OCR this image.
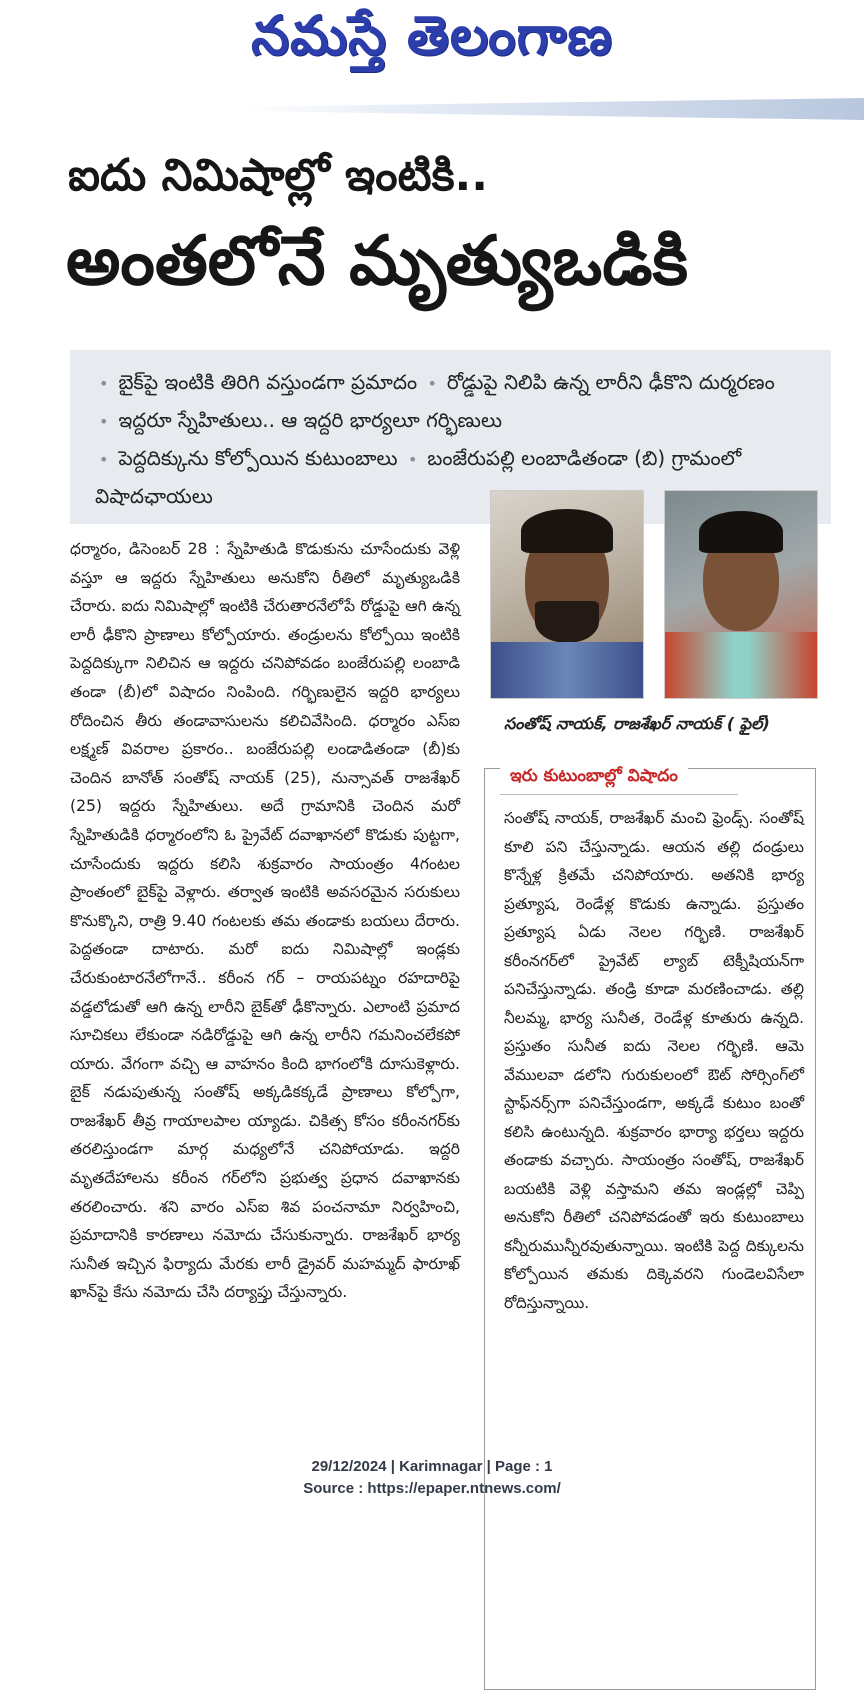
నమస్తే తెలంగాణ
ఐదు నిమిషాల్లో ఇంటికి..
అంతలోనే మృత్యుఒడికి
• బైక్‌పై ఇంటికి తిరిగి వస్తుండగా ప్రమాదం • రోడ్డుపై నిలిపి ఉన్న లారీని ఢీకొని దుర్మరణం • ఇద్దరూ స్నేహితులు.. ఆ ఇద్దరి భార్యలూ గర్భిణులు
• పెద్దదిక్కును కోల్పోయిన కుటుంబాలు • బంజేరుపల్లి లంబాడితండా (బి) గ్రామంలో విషాదఛాయలు
సంతోష్ నాయక్, రాజశేఖర్ నాయక్ ( ఫైల్)

ధర్మారం, డిసెంబర్ 28 : స్నేహితుడి కొడుకును చూసేందుకు వెళ్లి వస్తూ ఆ ఇద్దరు స్నేహితులు అనుకోని రీతిలో మృత్యుఒడికి చేరారు. ఐదు నిమిషాల్లో ఇంటికి చేరుతారనేలోపే రోడ్డుపై ఆగి ఉన్న లారీ ఢీకొని ప్రాణాలు కోల్పోయారు. తండ్రులను కోల్పోయి ఇంటికి పెద్దదిక్కుగా నిలిచిన ఆ ఇద్దరు చనిపోవడం బంజేరుపల్లి లంబాడి తండా (బీ)లో విషాదం నింపింది. గర్భిణులైన ఇద్దరి భార్యలు రోదించిన తీరు తండావాసులను కలిచివేసింది. ధర్మారం ఎస్ఐ లక్ష్మణ్ వివరాల ప్రకారం.. బంజేరుపల్లి లండాడితండా (బీ)కు చెందిన బానోత్ సంతోష్ నాయక్ (25), నున్సావత్ రాజశేఖర్ (25) ఇద్దరు స్నేహితులు. అదే గ్రామానికి చెందిన మరో స్నేహితుడికి ధర్మారంలోని ఓ ప్రైవేట్ దవాఖానలో కొడుకు పుట్టగా, చూసేందుకు ఇద్దరు కలిసి శుక్రవారం సాయంత్రం 4గంటల ప్రాంతంలో బైక్‌పై వెళ్లారు. తర్వాత ఇంటికి అవసరమైన సరుకులు కొనుక్కొని, రాత్రి 9.40 గంటలకు తమ తండాకు బయలు దేరారు. పెద్దతండా దాటారు. మరో ఐదు నిమిషాల్లో ఇండ్లకు చేరుకుంటారనేలోగానే.. కరీంన గర్ – రాయపట్నం రహదారిపై వడ్డలోడుతో ఆగి ఉన్న లారీని బైక్‌తో ఢీకొన్నారు. ఎలాంటి ప్రమాద సూచికలు లేకుండా నడిరోడ్డుపై ఆగి ఉన్న లారీని గమనించలేకపో యారు. వేగంగా వచ్చి ఆ వాహనం కింది భాగంలోకి దూసుకెళ్లారు. బైక్ నడుపుతున్న సంతోష్ అక్కడికక్కడే ప్రాణాలు కోల్పోగా, రాజశేఖర్ తీవ్ర గాయాలపాల య్యాడు. చికిత్స కోసం కరీంనగర్‌కు తరలిస్తుండగా మార్గ మధ్యలోనే చనిపోయాడు. ఇద్దరి మృతదేహాలను కరీంన గర్‌లోని ప్రభుత్వ ప్రధాన దవాఖానకు తరలించారు. శని వారం ఎస్ఐ శివ పంచనామా నిర్వహించి, ప్రమాదానికి కారణాలు నమోదు చేసుకున్నారు. రాజశేఖర్ భార్య సునీత ఇచ్చిన ఫిర్యాదు మేరకు లారీ డ్రైవర్ మహమ్మద్ ఫారూఖ్ ఖాన్‌పై కేసు నమోదు చేసి దర్యాప్తు చేస్తున్నారు.

ఇరు కుటుంబాల్లో విషాదం

సంతోష్ నాయక్, రాజశేఖర్ మంచి ఫ్రెండ్స్. సంతోష్ కూలి పని చేస్తున్నాడు. ఆయన తల్లి దండ్రులు కొన్నేళ్ల క్రితమే చనిపోయారు. అతనికి భార్య ప్రత్యూష, రెండేళ్ల కొడుకు ఉన్నాడు. ప్రస్తుతం ప్రత్యూష ఏడు నెలల గర్భిణి. రాజశేఖర్ కరీంనగర్‌లో ప్రైవేట్ ల్యాబ్ టెక్నీషియన్‌గా పనిచేస్తున్నాడు. తండ్రి కూడా మరణించాడు. తల్లి నీలమ్మ, భార్య సునీత, రెండేళ్ల కూతురు ఉన్నది. ప్రస్తుతం సునీత ఐదు నెలల గర్భిణి. ఆమె వేములవా డలోని గురుకులంలో ఔట్ సోర్సింగ్‌లో స్టాఫ్‌నర్స్‌గా పనిచేస్తుండగా, అక్కడే కుటుం బంతో కలిసి ఉంటున్నది. శుక్రవారం భార్యా భర్తలు ఇద్దరు తండాకు వచ్చారు. సాయంత్రం సంతోష్, రాజశేఖర్ బయటికి వెళ్లి వస్తామని తమ ఇండ్లల్లో చెప్పి అనుకోని రీతిలో చనిపోవడంతో ఇరు కుటుంబాలు కన్నీరుమున్నీరవుతున్నాయి. ఇంటికి పెద్ద దిక్కులను కోల్పోయిన తమకు దిక్కెవరని గుండెలవిసేలా రోదిస్తున్నాయి.

29/12/2024 | Karimnagar | Page : 1
Source : https://epaper.ntnews.com/
